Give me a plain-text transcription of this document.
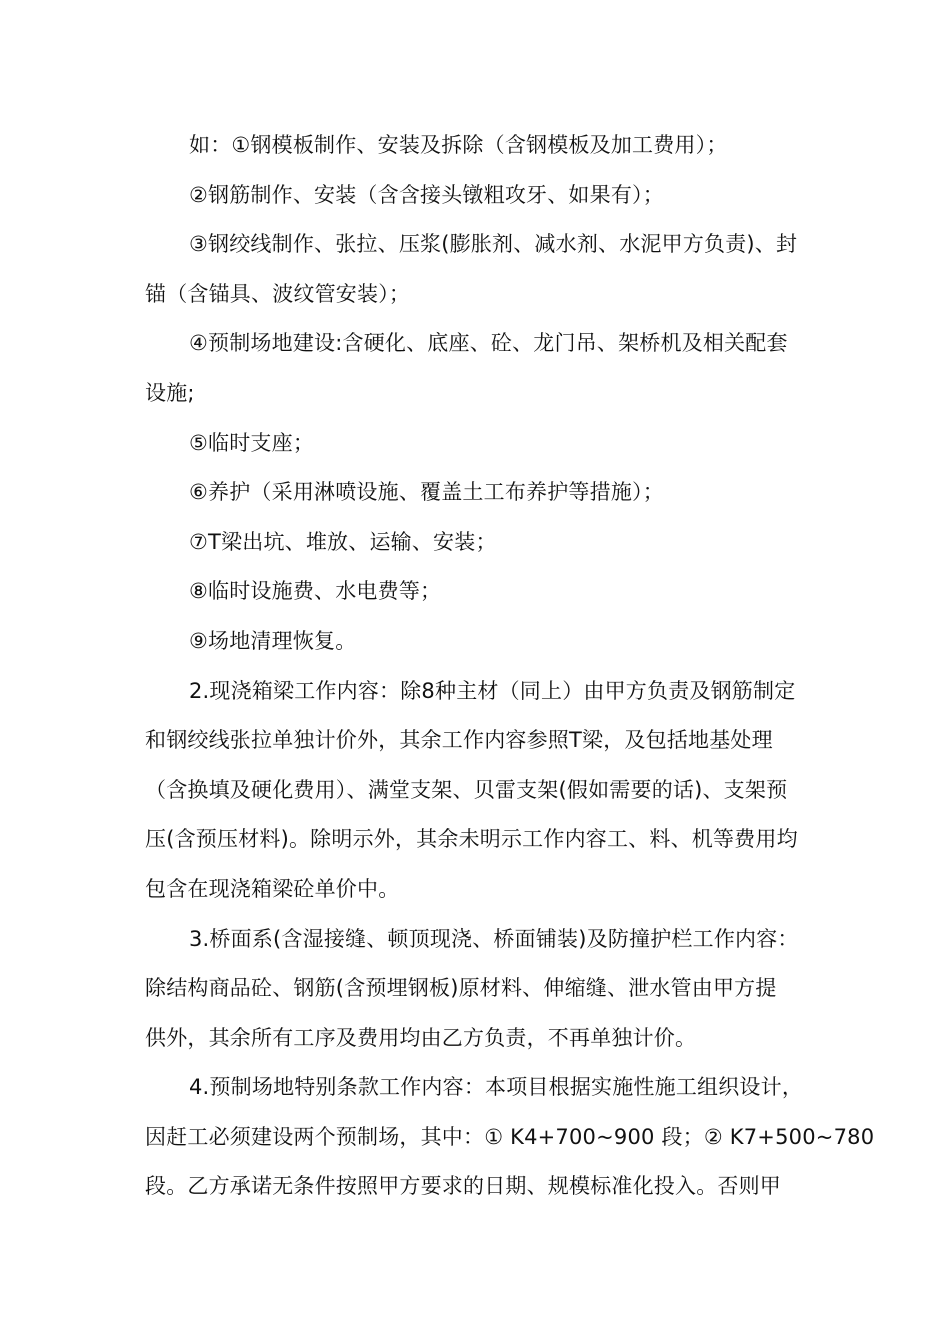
如：①钢模板制作、安装及拆除（含钢模板及加工费用）；
②钢筋制作、安装（含含接头镦粗攻牙、如果有）；
③钢绞线制作、张拉、压浆(膨胀剂、减水剂、水泥甲方负责)、封
锚（含锚具、波纹管安装）；
④预制场地建设:含硬化、底座、砼、龙门吊、架桥机及相关配套
设施;
⑤临时支座；
⑥养护（采用淋喷设施、覆盖土工布养护等措施）；
⑦T梁出坑、堆放、运输、安装；
⑧临时设施费、水电费等；
⑨场地清理恢复。
2.现浇箱梁工作内容：除8种主材（同上）由甲方负责及钢筋制定
和钢绞线张拉单独计价外，其余工作内容参照T梁，及包括地基处理
（含换填及硬化费用）、满堂支架、贝雷支架(假如需要的话)、支架预
压(含预压材料)。除明示外，其余未明示工作内容工、料、机等费用均
包含在现浇箱梁砼单价中。
3.桥面系(含湿接缝、顿顶现浇、桥面铺装)及防撞护栏工作内容：
除结构商品砼、钢筋(含预埋钢板)原材料、伸缩缝、泄水管由甲方提
供外，其余所有工序及费用均由乙方负责，不再单独计价。
4.预制场地特别条款工作内容：本项目根据实施性施工组织设计，
因赶工必须建设两个预制场，其中：① K4+700~900 段；② K7+500~780
段。乙方承诺无条件按照甲方要求的日期、规模标准化投入。否则甲
